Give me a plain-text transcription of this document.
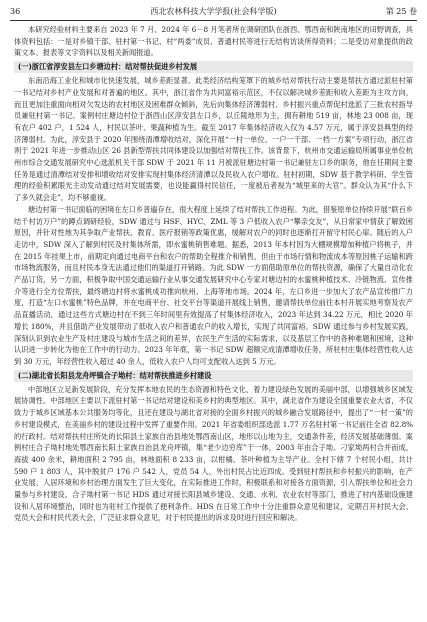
36	西北农林科技大学学报(社会科学版)	第 25 卷

本研究经验材料主要来自 2023 年 7 月、2024 年 6－8 月笔者所在调研团队在浙西、鄂西南和陕南地区的田野调查，具体资料包括：一是对乡镇干部、驻村第一书记、村“两委”成员、普通村民等进行无结构访谈所得资料；二是受访对象提供的政策文本、报表等文字资料以及相关新闻报道。

(一)浙江省淳安县左口乡塘边村：结对帮扶促进乡村发展

东南沿海工业化和城市化快速发展，城乡差距显著。此类经济结构笼罩下的城乡结对帮扶行动主要是帮扶方通过派驻村第一书记结对乡村产业发展和对普遍的地区。其中，浙江省作为共同富裕示范区，不仅以解决城乡差距和收入差距为主攻方向，而且更加注重面向相对欠发达的农村地区及困难群众倾斜，先后向集体经济薄弱村、乡村振兴重点帮促村选派了三批农村指导员兼驻村第一书记。案例村庄塘边村位于浙西山区淳安县左口乡，以丘陵地形为主，拥有耕地 519 亩，林地 23 008 亩，现有农户 402 户，1 524 人，村民以茶叶、果蔬种植为生。截至 2017 年集体经济收入仅为 4.57 万元，属于淳安县典型的经济薄弱村。为此，淳安县于 2020 年围绕清潭增收结对，深化开展“一村一单位、一户一干部、一档一方案”专项行动，浙江省则于 2021 年进一步推动山区 26 县新型帮扶共同体建设以加强结对帮扶工作。该背景下，杭州市交通运输局所属事业单位杭州市综合交通发展研究中心选派机关干部 SDW 于 2021 年 11 月被派驻塘边村第一书记兼驻左口乡的职务，他在任期间主要任务是通过清潭结对安排和增收结对安排实现村集体经济清潭以及民收入农户增收。驻村初期，SDW 基于教学科研、学生管理的经验积累眼光主动发动通过结对发展需要，也设能赢得村民信任，一度被后者视为“城里来的大官”。群众认为其“什么下了多久就会走”，均不够重视。

塘边村第一书记面临的困境在左口乡普遍存在，很大程度上延续了结对帮扶工作进程。为此，借鉴原单位持续开展“联百乡结千村访万户”的蹲点调研经验，SDW 通过与 HSF、HYC、ZML 等 3 户低收入农户“攀亲交友”，从日常家中情获了解致困原因，并针对性地为其争取产业帮扶、教育、医疗报销等政策优惠，缓解对农户的同时也逐渐打开留守村民心扉。随后的入户走访中，SDW 深入了解到村民及村集体所需，即水蜜桃销售难题。据悉，2013 年本村因为大棚规模增加种植户将桃子，并在 2015 年挂果上市，前期定向通过电商平台和农户的帮助全程推介和销售，但由于市场行情和物流成本等原因桃子运输和跨市场物流服务，而且村民本身无法通过他们的渠道打开销路。为此 SDW 一方面借助原单位的帮扶资源，确保了大量自动化农产品订货，另一方面，积极争取中国交通运输行业从事交通发展研究中心专家对塘边村的水蜜桃种植技术、冷链物流、宣传推介等进行全方位帮扶，最终塘边村将水蜜桃成功推向杭州、上海等地市场。2024 年，左口乡进一步加大了农产品宣传推广力度，打造“左口水蜜桃”特色品牌，并在电商平台、社交平台等渠道开展线上销售，邀请帮扶单位前往本村开展实地考察及农产品直播活动，通过这些方式塘边村在不到三年时间里有效提高了村集体经济收入，2023 年达到 34.22 万元，相比 2020 年增长 180%，并且借助产业发展带动了低收入农户和普通农户的收入增长，实现了共同富裕。SDW 通过参与乡村发展实践，深刻认识到农业生产及村庄建设与城市生活之间的差异，农民生产生活的实际需求，以及基层工作中的各种难题和困境，这种认识进一步转化为他在工作中的行动力。2023 年年底，第一书记 SDW 超额完成清潭增收任务，所驻村庄集体经营性收入达到 30 万元，年经营性收入超过 40 余人，低收入农户人均可支配收入达到 5 万元。

(二)湖北省长阳县龙舟坪镇合子坳村：结对帮扶推进乡村建设

中部地区立足新发展阶段，充分发挥本地农民的生态资源和特色文化，着力建设绿色发展的美丽中部，以增强城乡区域发展协调性。中部地区主要以下派驻村第一书记结对建设和美乡村的典型地区。其中，湖北省作为建设全国重要农业大省，不仅致力于城乡区域基本公共服务均等化，且还在建设与湖北省对接的全面乡村振兴的城乡融合发展路径中，提出了“一村一策”的乡村建设模式，在美丽乡村的建设过程中发挥了重要作用。2021 年省委组织部选派 1.77 万名驻村第一书记前往全省 82.8% 的行政村。结对帮扶村庄所处的长阳县土家族自治县地处鄂西南山区，地形以山地为主，交通条件差，经济发展基础薄弱。案例村庄合子坳村地处鄂西南长阳土家族自治县龙舟坪镇，集“老少边穷库”于一体，2003 年由合子坳、刁家坳两村合并而成，海拔 400 余米，耕地面积 2 795 亩，林地面积 8 233 亩，以柑橘、茶叶种植为主导产业。全村下辖 7 个村民小组，共计 590 户 1 803 人，其中脱贫户 176 户 542 人，党员 54 人，外出村民占比近四成。受到驻村帮扶和乡村振兴的影响，在产业发展、人居环境和乡村治理方面发生了巨大变化，在实际推进工作时，积极联系和对接各方面资源，引入帮扶单位和社会力量参与乡村建设。合子坳村第一书记 HDS 通过对接长阳县城乡建设、交通、水利、农业农村等部门，推进了村内基础设施建设和人居环境整治，同时也为驻村工作提供了便利条件。HDS 在日常工作中十分注重群众意见和建议，定期召开村民大会、党员大会和村民代表大会，广泛征求群众意见，对于村民提出的诉求及时进行回应和解决。
